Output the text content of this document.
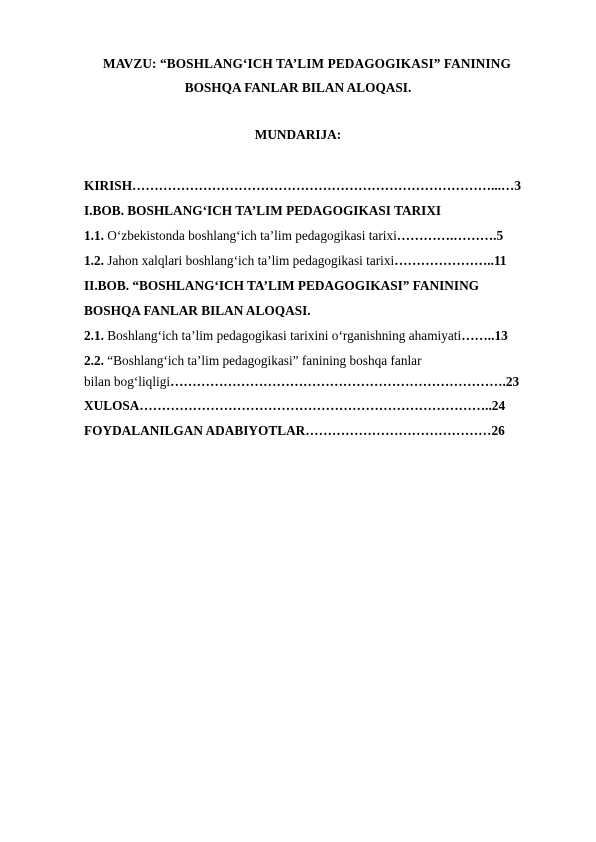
MAVZU: “BOSHLANG‘ICH TA’LIM PEDAGOGIKASI” FANINING
BOSHQA FANLAR BILAN ALOQASI.
MUNDARIJA:
KIRISH………………………………………………………………………...…3
I.BOB. BOSHLANG‘ICH TA’LIM PEDAGOGIKASI TARIXI
1.1. O‘zbekistonda boshlang‘ich ta’lim pedagogikasi tarixi………….……….5
1.2. Jahon xalqlari boshlang‘ich ta’lim pedagogikasi tarixi…………………..11
II.BOB. “BOSHLANG‘ICH TA’LIM PEDAGOGIKASI” FANINING
BOSHQA FANLAR BILAN ALOQASI.
2.1. Boshlang‘ich ta’lim pedagogikasi tarixini o‘rganishning ahamiyati……..13
2.2. “Boshlang‘ich ta’lim pedagogikasi” fanining boshqa fanlar
bilan bog‘liqligi………………………………………………………………….23
XULOSA……………………………………………………………………..24
FOYDALANILGAN ADABIYOTLAR……………………………………26
